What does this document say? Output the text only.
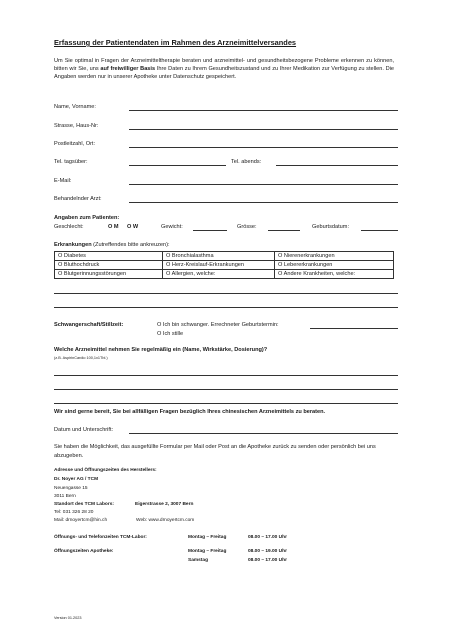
Erfassung der Patientendaten im Rahmen des Arzneimittelversandes
Um Sie optimal in Fragen der Arzneimitteltherapie beraten und arzneimittel- und gesundheitsbezogene Probleme erkennen zu können, bitten wir Sie, uns auf freiwilliger Basis Ihre Daten zu Ihrem Gesundheitszustand und zu Ihrer Medikation zur Verfügung zu stellen. Die Angaben werden nur in unserer Apotheke unter Datenschutz gespeichert.
Name, Vorname:
Strasse, Haus-Nr:
Postleitzahl, Ort:
Tel. tagsüber:	Tel. abends:
E-Mail:
Behandelnder Arzt:
Angaben zum Patienten:
Geschlecht:	O M O W	Gewicht:	Grösse:	Geburtsdatum:
Erkrankungen (Zutreffendes bitte ankreuzen):
O Diabetes	O Bronchialasthma	O Nierenerkrankungen
O Bluthochdruck	O Herz-Kreislauf-Erkrankungen	O Lebererkrankungen
O Blutgerinnungsstörungen	O Allergien, welche:	O Andere Krankheiten, welche:
Schwangerschaft/Stillzeit:	O Ich bin schwanger. Errechneter Geburtstermin:
O Ich stille
Welche Arzneimittel nehmen Sie regelmäßig ein (Name, Wirkstärke, Dosierung)?
(z.B. AspirinCardio 100,1x1Tbl.)
Wir sind gerne bereit, Sie bei allfälligen Fragen bezüglich Ihres chinesischen Arzneimittels zu beraten.
Datum und Unterschrift:
Sie haben die Möglichkeit, das ausgefüllte Formular per Mail oder Post an die Apotheke zurück zu senden oder persönlich bei uns abzugeben.
Adresse und Öffnungszeiten des Herstellers:
Dr. Noyer AG / TCM
Neuengasse 15
3011 Bern
Standort des TCM Labors:	Eigerstrasse 2, 3007 Bern
Tel: 031 326 28 20
Mail: drnoyertcm@hin.ch	Web: www.drnoyertcm.com
Öffnungs- und Telefonzeiten TCM-Labor:	Montag – Freitag	08.00 – 17.00 Uhr
Öffnungszeiten Apotheke:	Montag – Freitag	08.00 – 19.00 Uhr
Samstag	08.00 – 17.00 Uhr
Version 01.2023
